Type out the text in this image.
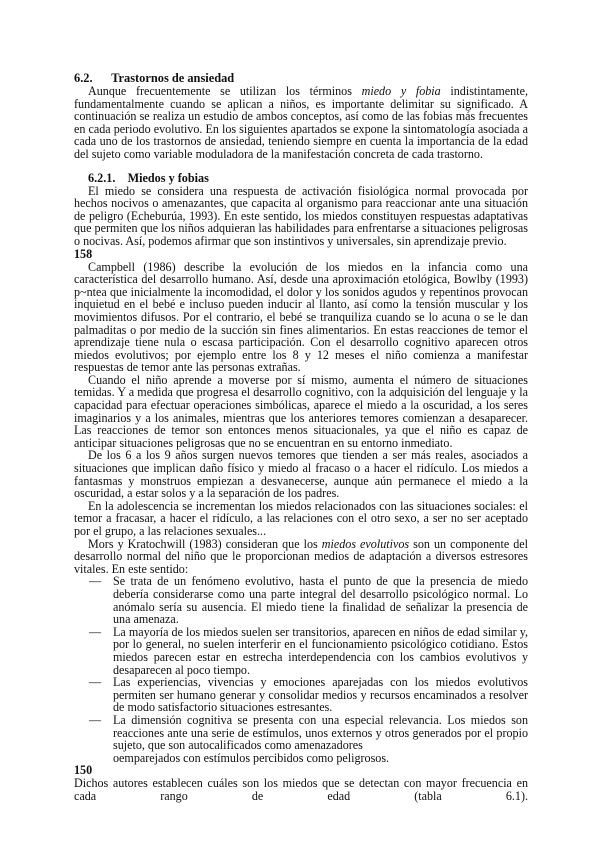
6.2. Trastornos de ansiedad

Aunque frecuentemente se utilizan los términos miedo y fobia indistintamente, fundamentalmente cuando se aplican a niños, es importante delimitar su significado. A continuación se realiza un estudio de ambos conceptos, así como de las fobias más frecuentes en cada periodo evolutivo. En los siguientes apartados se expone la sintomatología asociada a cada uno de los trastornos de ansiedad, teniendo siempre en cuenta la importancia de la edad del sujeto como variable moduladora de la manifestación concreta de cada trastorno.

6.2.1. Miedos y fobias

El miedo se considera una respuesta de activación fisiológica normal provocada por hechos nocivos o amenazantes, que capacita al organismo para reaccionar ante una situación de peligro (Echeburúa, 1993). En este sentido, los miedos constituyen respuestas adaptativas que permiten que los niños adquieran las habilidades para enfrentarse a situaciones peligrosas o nocivas. Así, podemos afirmar que son instintivos y universales, sin aprendizaje previo.

158

Campbell (1986) describe la evolución de los miedos en la infancia como una característica del desarrollo humano. Así, desde una aproximación etológica, Bowlby (1993) p~ntea que inicialmente la incomodidad, el dolor y los sonidos agudos y repentinos provocan inquietud en el bebé e incluso pueden inducir al llanto, así como la tensión muscular y los movimientos difusos. Por el contrario, el bebé se tranquiliza cuando se lo acuna o se le dan palmaditas o por medio de la succión sin fines alimentarios. En estas reacciones de temor el aprendizaje tiene nula o escasa participación. Con el desarrollo cognitivo aparecen otros miedos evolutivos; por ejemplo entre los 8 y 12 meses el niño comienza a manifestar respuestas de temor ante las personas extrañas.

Cuando el niño aprende a moverse por sí mismo, aumenta el número de situaciones temidas. Y a medida que progresa el desarrollo cognitivo, con la adquisición del lenguaje y la capacidad para efectuar operaciones simbólicas, aparece el miedo a la oscuridad, a los seres imaginarios y a los animales, mientras que los anteriores temores comienzan a desaparecer. Las reacciones de temor son entonces menos situacionales, ya que el niño es capaz de anticipar situaciones peligrosas que no se encuentran en su entorno inmediato.

De los 6 a los 9 años surgen nuevos temores que tienden a ser más reales, asociados a situaciones que implican daño físico y miedo al fracaso o a hacer el ridículo. Los miedos a fantasmas y monstruos empiezan a desvanecerse, aunque aún permanece el miedo a la oscuridad, a estar solos y a la separación de los padres.

En la adolescencia se incrementan los miedos relacionados con las situaciones sociales: el temor a fracasar, a hacer el ridículo, a las relaciones con el otro sexo, a ser no ser aceptado por el grupo, a las relaciones sexuales...

Mors y Kratochwill (1983) consideran que los miedos evolutivos son un componente del desarrollo normal del niño que le proporcionan medios de adaptación a diversos estresores vitales. En este sentido:

— Se trata de un fenómeno evolutivo, hasta el punto de que la presencia de miedo debería considerarse como una parte integral del desarrollo psicológico normal. Lo anómalo sería su ausencia. El miedo tiene la finalidad de señalizar la presencia de una amenaza.
— La mayoría de los miedos suelen ser transitorios, aparecen en niños de edad similar y, por lo general, no suelen interferir en el funcionamiento psicológico cotidiano. Estos miedos parecen estar en estrecha interdependencia con los cambios evolutivos y desaparecen al poco tiempo.
— Las experiencias, vivencias y emociones aparejadas con los miedos evolutivos permiten ser humano generar y consolidar medios y recursos encaminados a resolver de modo satisfactorio situaciones estresantes.
— La dimensión cognitiva se presenta con una especial relevancia. Los miedos son reacciones ante una serie de estímulos, unos externos y otros generados por el propio sujeto, que son autocalificados como amenazadores
oemparejados con estímulos percibidos como peligrosos.

150

Dichos autores establecen cuáles son los miedos que se detectan con mayor frecuencia en cada rango de edad (tabla 6.1).
